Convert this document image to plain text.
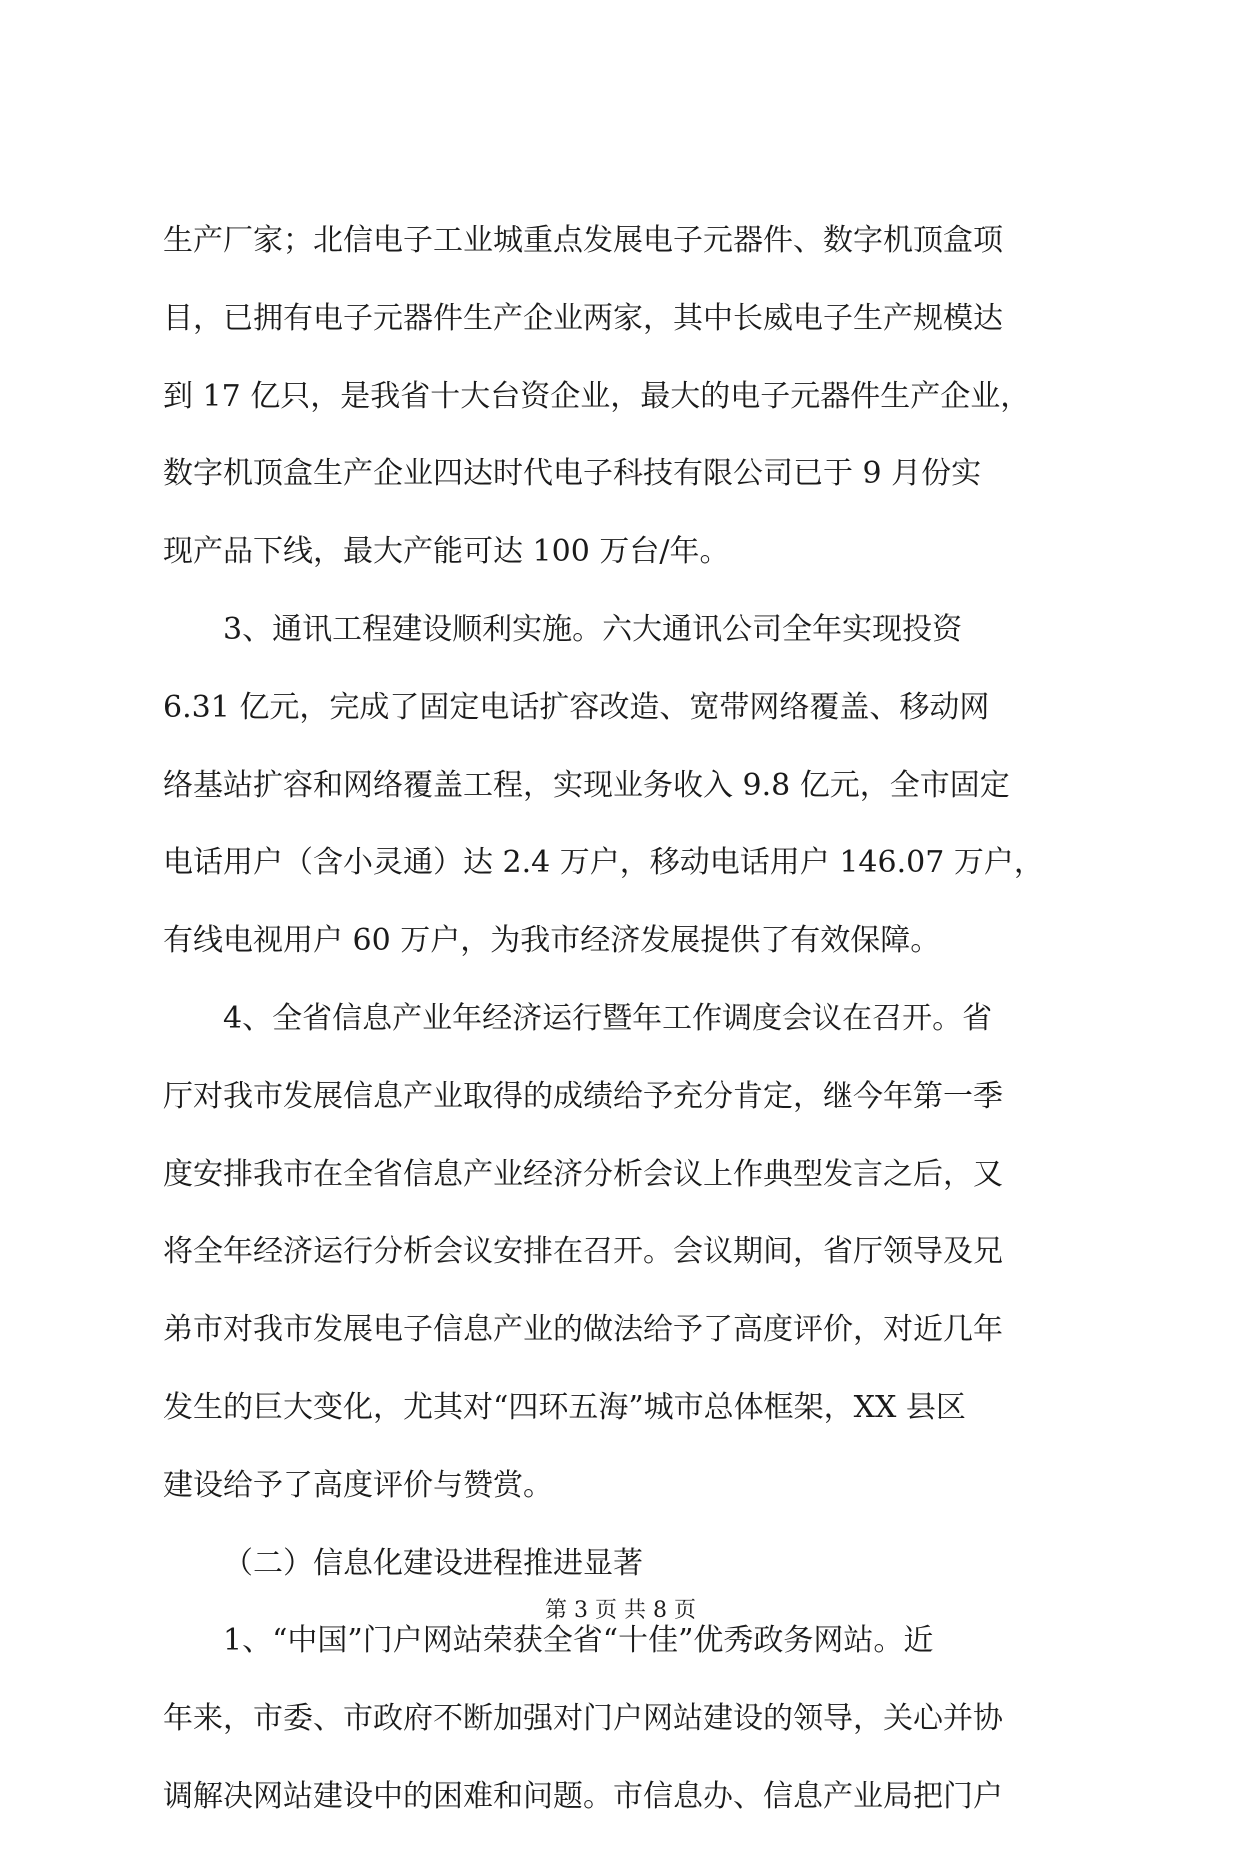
生产厂家；北信电子工业城重点发展电子元器件、数字机顶盒项
目，已拥有电子元器件生产企业两家，其中长威电子生产规模达
到 17 亿只，是我省十大台资企业，最大的电子元器件生产企业，
数字机顶盒生产企业四达时代电子科技有限公司已于 9 月份实
现产品下线，最大产能可达 100 万台/年。
3、通讯工程建设顺利实施。六大通讯公司全年实现投资
6.31 亿元，完成了固定电话扩容改造、宽带网络覆盖、移动网
络基站扩容和网络覆盖工程，实现业务收入 9.8 亿元，全市固定
电话用户（含小灵通）达 2.4 万户，移动电话用户 146.07 万户，
有线电视用户 60 万户，为我市经济发展提供了有效保障。
4、全省信息产业年经济运行暨年工作调度会议在召开。省
厅对我市发展信息产业取得的成绩给予充分肯定，继今年第一季
度安排我市在全省信息产业经济分析会议上作典型发言之后，又
将全年经济运行分析会议安排在召开。会议期间，省厅领导及兄
弟市对我市发展电子信息产业的做法给予了高度评价，对近几年
发生的巨大变化，尤其对“四环五海”城市总体框架，XX 县区
建设给予了高度评价与赞赏。
（二）信息化建设进程推进显著
1、“中国”门户网站荣获全省“十佳”优秀政务网站。近
年来，市委、市政府不断加强对门户网站建设的领导，关心并协
调解决网站建设中的困难和问题。市信息办、信息产业局把门户
第 3 页 共 8 页
